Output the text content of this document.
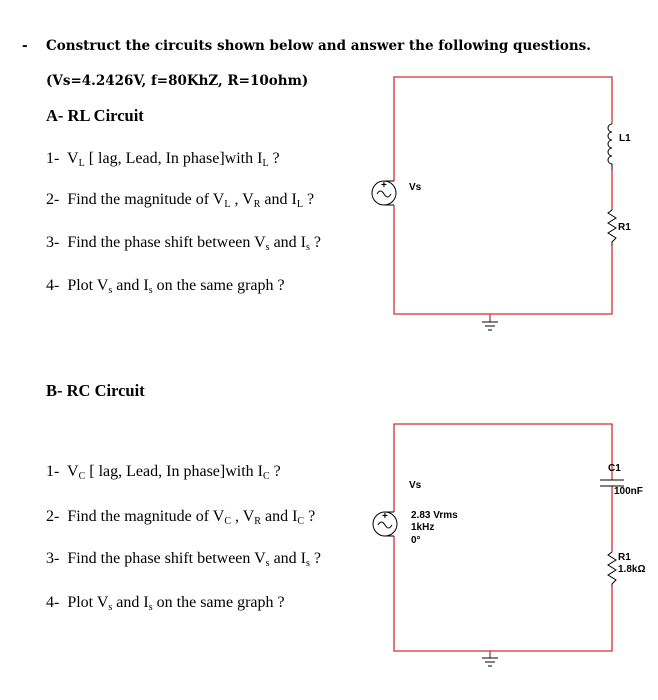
- Construct the circuits shown below and answer the following questions.
(Vs=4.2426V, f=80KhZ, R=10ohm)
A- RL Circuit
1- $V_L$ [ lag, Lead, In phase]with $I_L$ ?
2- Find the magnitude of $V_L$ , $V_R$ and $I_L$ ?
3- Find the phase shift between $V_s$ and $I_s$ ?
4- Plot $V_s$ and $I_s$ on the same graph ?
B- RC Circuit
1- $V_C$ [ lag, Lead, In phase]with $I_C$ ?
2- Find the magnitude of $V_C$ , $V_R$ and $I_C$ ?
3- Find the phase shift between $V_s$ and $I_s$ ?
4- Plot $V_s$ and $I_s$ on the same graph ?
+ Vs
L1
R1
+
Vs
2.83 Vrms
1kHz
0°
C1
100nF
R1
1.8kΩ
